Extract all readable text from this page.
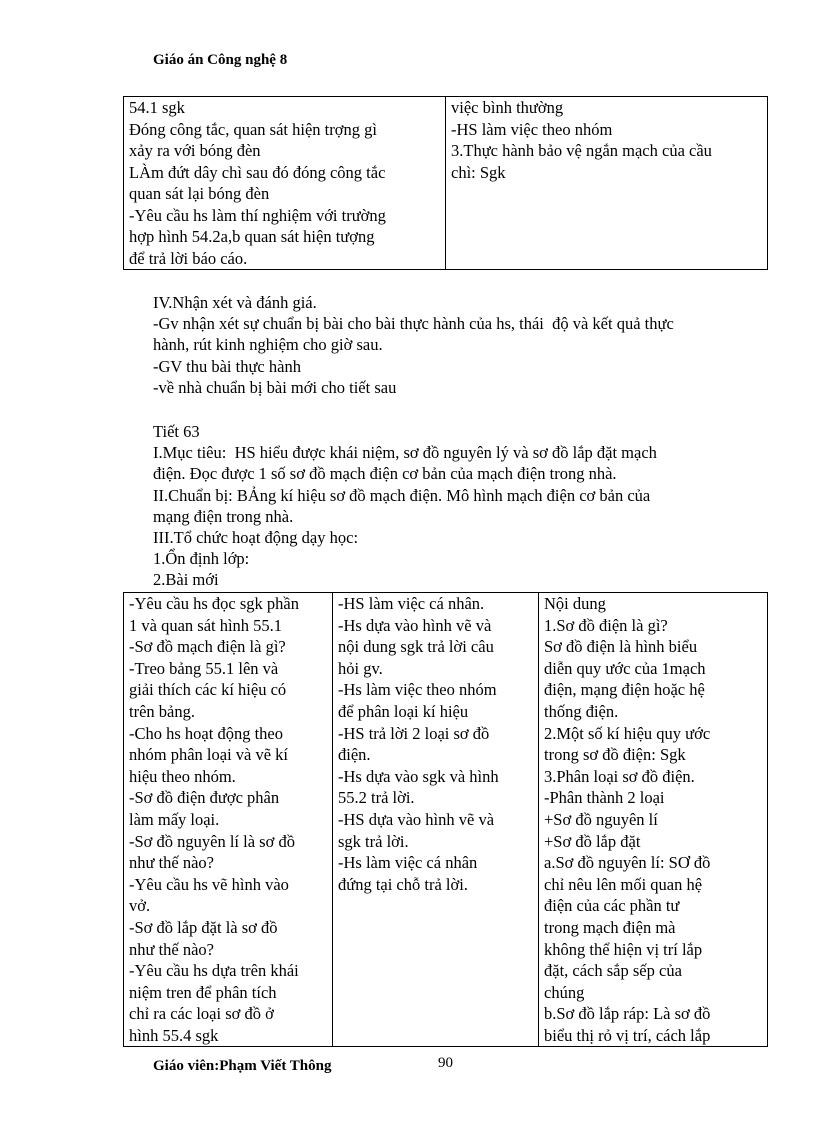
Giáo án Công nghệ 8
54.1 sgk
Đóng công tắc, quan sát hiện trợng gì
xảy ra với bóng đèn
LÀm đứt dây chì sau đó đóng công tắc
quan sát lại bóng đèn
-Yêu cầu hs làm thí nghiệm với trường
hợp hình 54.2a,b quan sát hiện tượng
để trả lời báo cáo.

việc bình thường
-HS làm việc theo nhóm
3.Thực hành bảo vệ ngắn mạch của cầu
chì: Sgk
IV.Nhận xét và đánh giá.
-Gv nhận xét sự chuẩn bị bài cho bài thực hành của hs, thái  độ và kết quả thực
hành, rút kinh nghiệm cho giờ sau.
-GV thu bài thực hành
-về nhà chuẩn bị bài mới cho tiết sau
Tiết 63
I.Mục tiêu:  HS hiểu được khái niệm, sơ đồ nguyên lý và sơ đồ lắp đặt mạch
điện. Đọc được 1 số sơ đồ mạch điện cơ bản của mạch điện trong nhà.
II.Chuẩn bị: BẢng kí hiệu sơ đồ mạch điện. Mô hình mạch điện cơ bản của
mạng điện trong nhà.
III.Tổ chức hoạt động dạy học:
1.Ổn định lớp:
2.Bài mới
-Yêu cầu hs đọc sgk phần
1 và quan sát hình 55.1
-Sơ đồ mạch điện là gì?
-Treo bảng 55.1 lên và
giải thích các kí hiệu có
trên bảng.
-Cho hs hoạt động theo
nhóm phân loại và vẽ kí
hiệu theo nhóm.
-Sơ đồ điện được phân
làm mấy loại.
-Sơ đồ nguyên lí là sơ đồ
như thế nào?
-Yêu cầu hs vẽ hình vào
vở.
-Sơ đồ lắp đặt là sơ đồ
như thế nào?
-Yêu cầu hs dựa trên khái
niệm tren để phân tích
chỉ ra các loại sơ đồ ở
hình 55.4 sgk

-HS làm việc cá nhân.
-Hs dựa vào hình vẽ và
nội dung sgk trả lời câu
hỏi gv.
-Hs làm việc theo nhóm
để phân loại kí hiệu
-HS trả lời 2 loại sơ đồ
điện.
-Hs dựa vào sgk và hình
55.2 trả lời.
-HS dựa vào hình vẽ và
sgk trả lời.
-Hs làm việc cá nhân
đứng tại chỗ trả lời.

Nội dung
1.Sơ đồ điện là gì?
Sơ đồ điện là hình biểu
diễn quy ước của 1mạch
điện, mạng điện hoặc hệ
thống điện.
2.Một số kí hiệu quy ước
trong sơ đồ điện: Sgk
3.Phân loại sơ đồ điện.
-Phân thành 2 loại
+Sơ đồ nguyên lí
+Sơ đồ lắp đặt
a.Sơ đồ nguyên lí: SƠ đồ
chỉ nêu lên mối quan hệ
điện của các phần tư
trong mạch điện mà
không thể hiện vị trí lắp
đặt, cách sắp sếp của
chúng
b.Sơ đồ lắp ráp: Là sơ đồ
biểu thị rỏ vị trí, cách lắp
Giáo viên:Phạm Viết Thông	90
